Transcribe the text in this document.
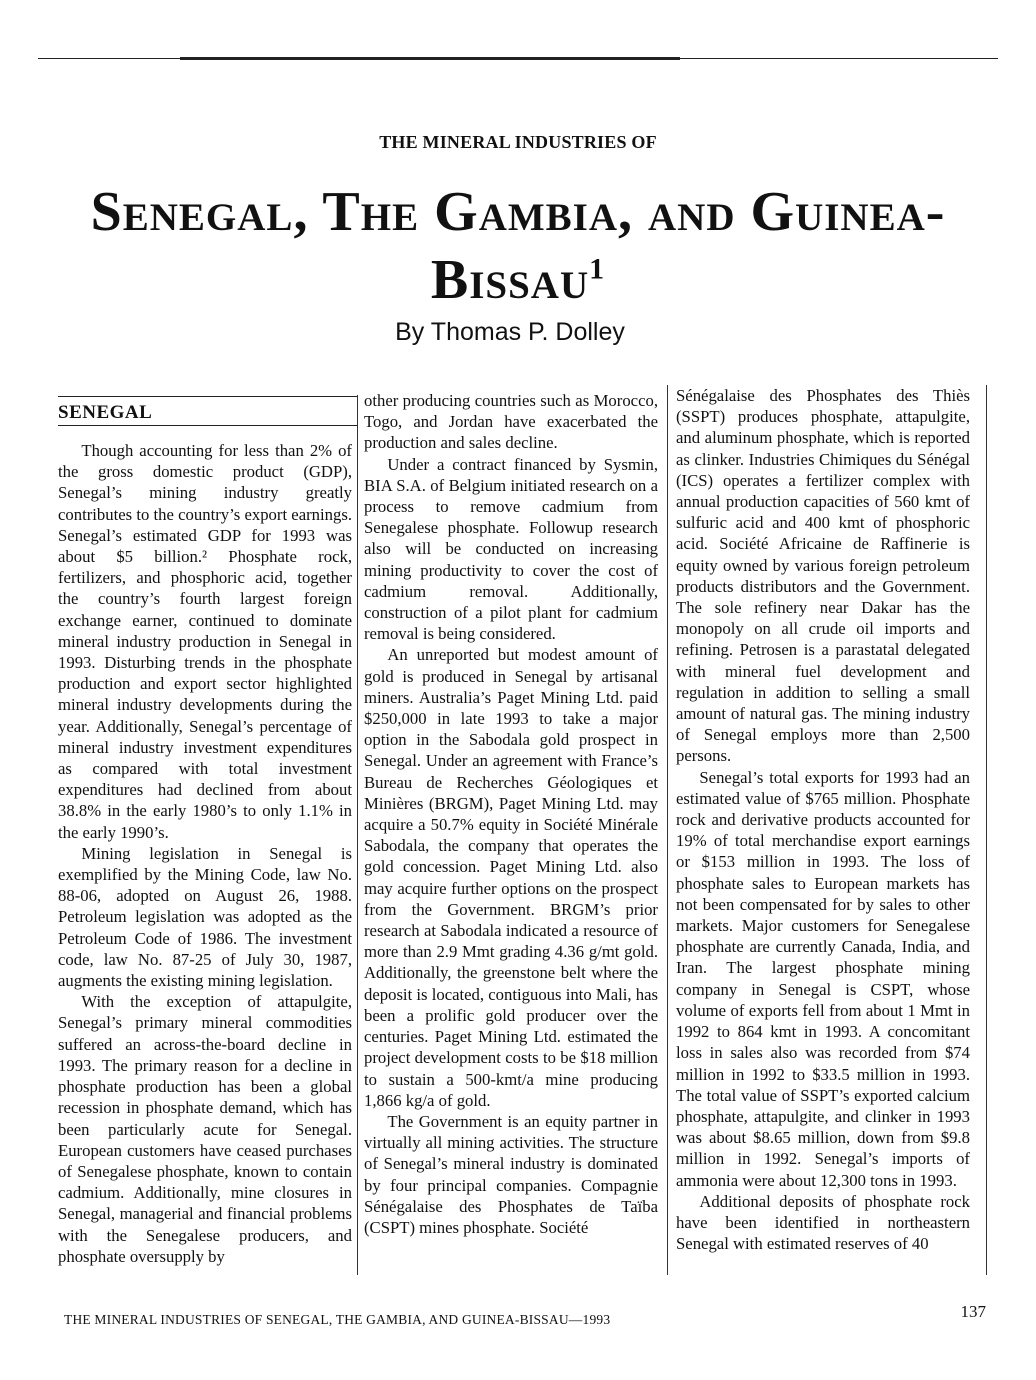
THE MINERAL INDUSTRIES OF
Senegal, The Gambia, and Guinea-
Bissau$^1$
By Thomas P. Dolley
SENEGAL

Though accounting for less than 2% of the gross domestic product (GDP), Senegal’s mining industry greatly contributes to the country’s export earnings. Senegal’s estimated GDP for 1993 was about $5 billion.² Phosphate rock, fertilizers, and phosphoric acid, together the country’s fourth largest foreign exchange earner, continued to dominate mineral industry production in Senegal in 1993. Disturbing trends in the phosphate production and export sector highlighted mineral industry developments during the year. Additionally, Senegal’s percentage of mineral industry investment expenditures as compared with total investment expenditures had declined from about 38.8% in the early 1980’s to only 1.1% in the early 1990’s.

Mining legislation in Senegal is exemplified by the Mining Code, law No. 88-06, adopted on August 26, 1988. Petroleum legislation was adopted as the Petroleum Code of 1986. The investment code, law No. 87-25 of July 30, 1987, augments the existing mining legislation.

With the exception of attapulgite, Senegal’s primary mineral commodities suffered an across-the-board decline in 1993. The primary reason for a decline in phosphate production has been a global recession in phosphate demand, which has been particularly acute for Senegal. European customers have ceased purchases of Senegalese phosphate, known to contain cadmium. Additionally, mine closures in Senegal, managerial and financial problems with the Senegalese producers, and phosphate oversupply by

other producing countries such as Morocco, Togo, and Jordan have exacerbated the production and sales decline.

Under a contract financed by Sysmin, BIA S.A. of Belgium initiated research on a process to remove cadmium from Senegalese phosphate. Followup research also will be conducted on increasing mining productivity to cover the cost of cadmium removal. Additionally, construction of a pilot plant for cadmium removal is being considered.

An unreported but modest amount of gold is produced in Senegal by artisanal miners. Australia’s Paget Mining Ltd. paid $250,000 in late 1993 to take a major option in the Sabodala gold prospect in Senegal. Under an agreement with France’s Bureau de Recherches Géologiques et Minières (BRGM), Paget Mining Ltd. may acquire a 50.7% equity in Société Minérale Sabodala, the company that operates the gold concession. Paget Mining Ltd. also may acquire further options on the prospect from the Government. BRGM’s prior research at Sabodala indicated a resource of more than 2.9 Mmt grading 4.36 g/mt gold. Additionally, the greenstone belt where the deposit is located, contiguous into Mali, has been a prolific gold producer over the centuries. Paget Mining Ltd. estimated the project development costs to be $18 million to sustain a 500-kmt/a mine producing 1,866 kg/a of gold.

The Government is an equity partner in virtually all mining activities. The structure of Senegal’s mineral industry is dominated by four principal companies. Compagnie Sénégalaise des Phosphates de Taïba (CSPT) mines phosphate. Société

Sénégalaise des Phosphates des Thiès (SSPT) produces phosphate, attapulgite, and aluminum phosphate, which is reported as clinker. Industries Chimiques du Sénégal (ICS) operates a fertilizer complex with annual production capacities of 560 kmt of sulfuric acid and 400 kmt of phosphoric acid. Société Africaine de Raffinerie is equity owned by various foreign petroleum products distributors and the Government. The sole refinery near Dakar has the monopoly on all crude oil imports and refining. Petrosen is a parastatal delegated with mineral fuel development and regulation in addition to selling a small amount of natural gas. The mining industry of Senegal employs more than 2,500 persons.

Senegal’s total exports for 1993 had an estimated value of $765 million. Phosphate rock and derivative products accounted for 19% of total merchandise export earnings or $153 million in 1993. The loss of phosphate sales to European markets has not been compensated for by sales to other markets. Major customers for Senegalese phosphate are currently Canada, India, and Iran. The largest phosphate mining company in Senegal is CSPT, whose volume of exports fell from about 1 Mmt in 1992 to 864 kmt in 1993. A concomitant loss in sales also was recorded from $74 million in 1992 to $33.5 million in 1993. The total value of SSPT’s exported calcium phosphate, attapulgite, and clinker in 1993 was about $8.65 million, down from $9.8 million in 1992. Senegal’s imports of ammonia were about 12,300 tons in 1993.

Additional deposits of phosphate rock have been identified in northeastern Senegal with estimated reserves of 40

THE MINERAL INDUSTRIES OF SENEGAL, THE GAMBIA, AND GUINEA-BISSAU—1993	137
